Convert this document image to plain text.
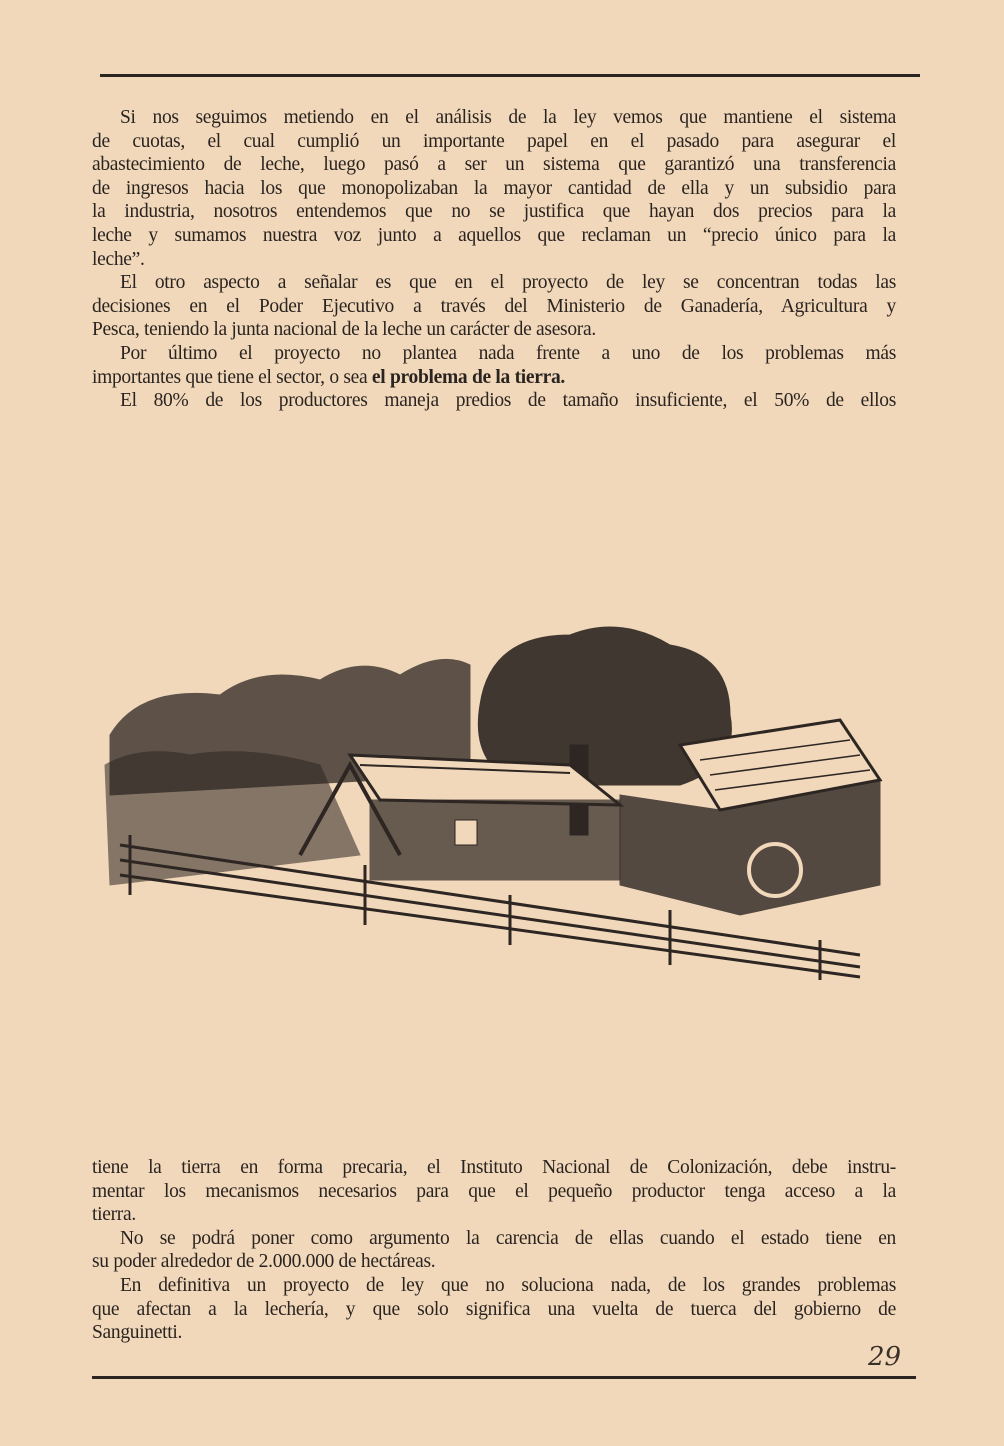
Si nos seguimos metiendo en el análisis de la ley vemos que mantiene el sistema
de cuotas, el cual cumplió un importante papel en el pasado para asegurar el
abastecimiento de leche, luego pasó a ser un sistema que garantizó una transferencia
de ingresos hacia los que monopolizaban la mayor cantidad de ella y un subsidio para
la industria, nosotros entendemos que no se justifica que hayan dos precios para la
leche y sumamos nuestra voz junto a aquellos que reclaman un “precio único para la
leche”.
El otro aspecto a señalar es que en el proyecto de ley se concentran todas las
decisiones en el Poder Ejecutivo a través del Ministerio de Ganadería, Agricultura y
Pesca, teniendo la junta nacional de la leche un carácter de asesora.
Por último el proyecto no plantea nada frente a uno de los problemas más
importantes que tiene el sector, o sea el problema de la tierra.
El 80% de los productores maneja predios de tamaño insuficiente, el 50% de ellos
tiene la tierra en forma precaria, el Instituto Nacional de Colonización, debe instru-
mentar los mecanismos necesarios para que el pequeño productor tenga acceso a la
tierra.
No se podrá poner como argumento la carencia de ellas cuando el estado tiene en
su poder alrededor de 2.000.000 de hectáreas.
En definitiva un proyecto de ley que no soluciona nada, de los grandes problemas
que afectan a la lechería, y que solo significa una vuelta de tuerca del gobierno de
Sanguinetti.
29
